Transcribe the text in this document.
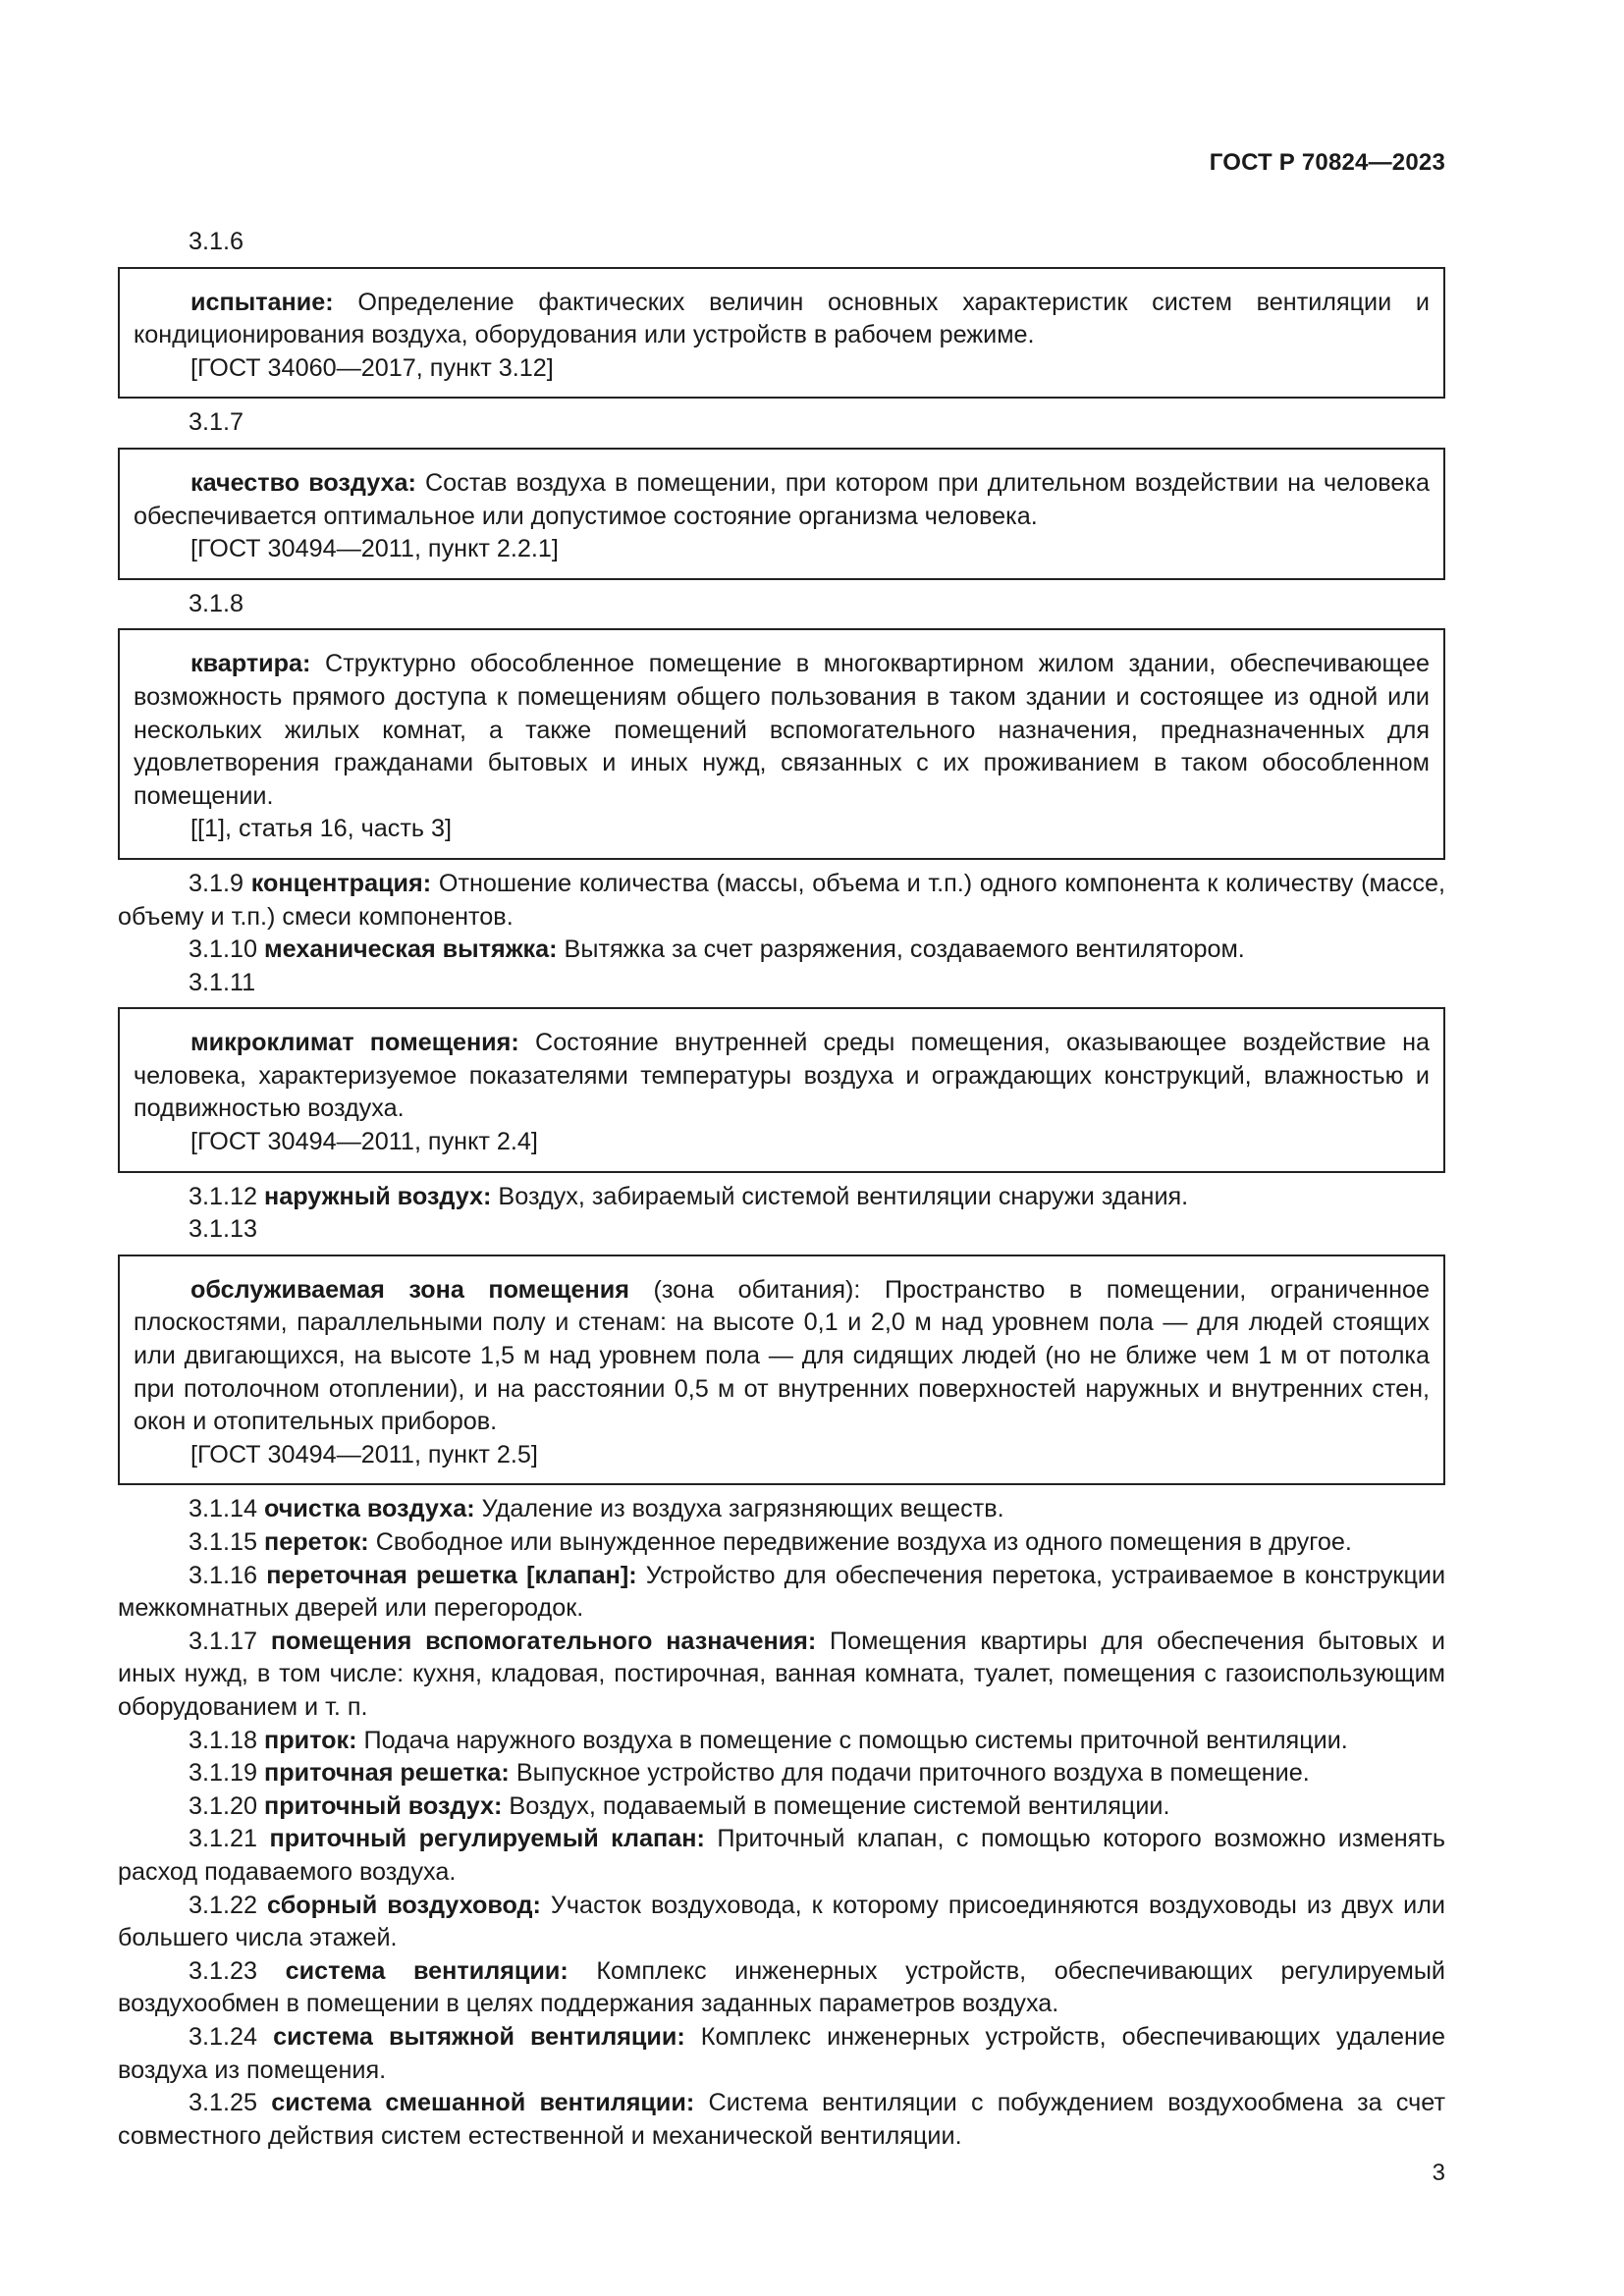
ГОСТ Р 70824—2023
3.1.6

испытание: Определение фактических величин основных характеристик систем вентиляции и кондиционирования воздуха, оборудования или устройств в рабочем режиме.

[ГОСТ 34060—2017, пункт 3.12]

3.1.7

качество воздуха: Состав воздуха в помещении, при котором при длительном воздействии на человека обеспечивается оптимальное или допустимое состояние организма человека.

[ГОСТ 30494—2011, пункт 2.2.1]

3.1.8

квартира: Структурно обособленное помещение в многоквартирном жилом здании, обеспечивающее возможность прямого доступа к помещениям общего пользования в таком здании и состоящее из одной или нескольких жилых комнат, а также помещений вспомогательного назначения, предназначенных для удовлетворения гражданами бытовых и иных нужд, связанных с их проживанием в таком обособленном помещении.

[[1], статья 16, часть 3]

3.1.9 концентрация: Отношение количества (массы, объема и т.п.) одного компонента к количеству (массе, объему и т.п.) смеси компонентов.

3.1.10 механическая вытяжка: Вытяжка за счет разряжения, создаваемого вентилятором.

3.1.11

микроклимат помещения: Состояние внутренней среды помещения, оказывающее воздействие на человека, характеризуемое показателями температуры воздуха и ограждающих конструкций, влажностью и подвижностью воздуха.

[ГОСТ 30494—2011, пункт 2.4]

3.1.12 наружный воздух: Воздух, забираемый системой вентиляции снаружи здания.

3.1.13

обслуживаемая зона помещения (зона обитания): Пространство в помещении, ограниченное плоскостями, параллельными полу и стенам: на высоте 0,1 и 2,0 м над уровнем пола — для людей стоящих или двигающихся, на высоте 1,5 м над уровнем пола — для сидящих людей (но не ближе чем 1 м от потолка при потолочном отоплении), и на расстоянии 0,5 м от внутренних поверхностей наружных и внутренних стен, окон и отопительных приборов.

[ГОСТ 30494—2011, пункт 2.5]

3.1.14 очистка воздуха: Удаление из воздуха загрязняющих веществ.

3.1.15 переток: Свободное или вынужденное передвижение воздуха из одного помещения в другое.

3.1.16 переточная решетка [клапан]: Устройство для обеспечения перетока, устраиваемое в конструкции межкомнатных дверей или перегородок.

3.1.17 помещения вспомогательного назначения: Помещения квартиры для обеспечения бытовых и иных нужд, в том числе: кухня, кладовая, постирочная, ванная комната, туалет, помещения с газоиспользующим оборудованием и т. п.

3.1.18 приток: Подача наружного воздуха в помещение с помощью системы приточной вентиляции.

3.1.19 приточная решетка: Выпускное устройство для подачи приточного воздуха в помещение.

3.1.20 приточный воздух: Воздух, подаваемый в помещение системой вентиляции.

3.1.21 приточный регулируемый клапан: Приточный клапан, с помощью которого возможно изменять расход подаваемого воздуха.

3.1.22 сборный воздуховод: Участок воздуховода, к которому присоединяются воздуховоды из двух или большего числа этажей.

3.1.23 система вентиляции: Комплекс инженерных устройств, обеспечивающих регулируемый воздухообмен в помещении в целях поддержания заданных параметров воздуха.

3.1.24 система вытяжной вентиляции: Комплекс инженерных устройств, обеспечивающих удаление воздуха из помещения.

3.1.25 система смешанной вентиляции: Система вентиляции с побуждением воздухообмена за счет совместного действия систем естественной и механической вентиляции.

3
